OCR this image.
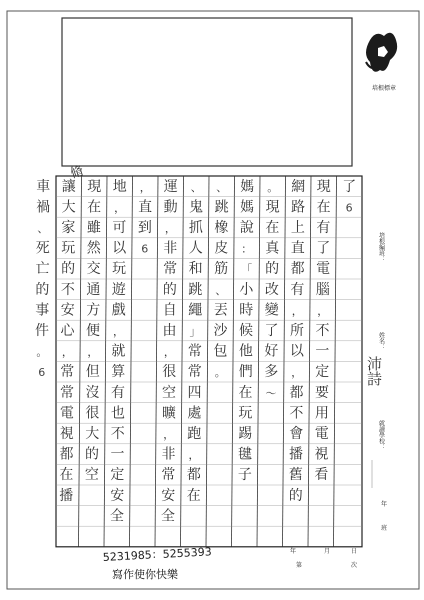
培根標章
了
6
現
在
有
了
電
腦
，
不
一
定
要
用
電
視
看
網
路
上
直
都
有
，
所
以
，
都
不
會
播
舊
的
。
現
在
真
的
改
變
了
好
多
～
媽
媽
說
：
「
小
時
候
他
們
在
玩
踢
毽
子
、
跳
橡
皮
筋
、
丟
沙
包
。
、
鬼
抓
人
和
跳
繩
」
常
常
四
處
跑
，
都
在
運
動
，
非
常
的
自
由
，
很
空
曠
，
非
常
安
全
，
直
到
6
地
，
可
以
玩
遊
戲
，
就
算
有
也
不
一
定
安
全
現
在
雖
然
交
通
方
便
，
但
沒
很
大
的
空
讓
大
家
玩
的
不
安
心
，
常
常
電
視
都
在
播
車
禍
、
死
亡
的
事
件
。
6
培根編班：
姓名：
沛詩
就讀學校：
年
班
年	月	日
第	次
5231985：5255393
寫作使你快樂
脩
